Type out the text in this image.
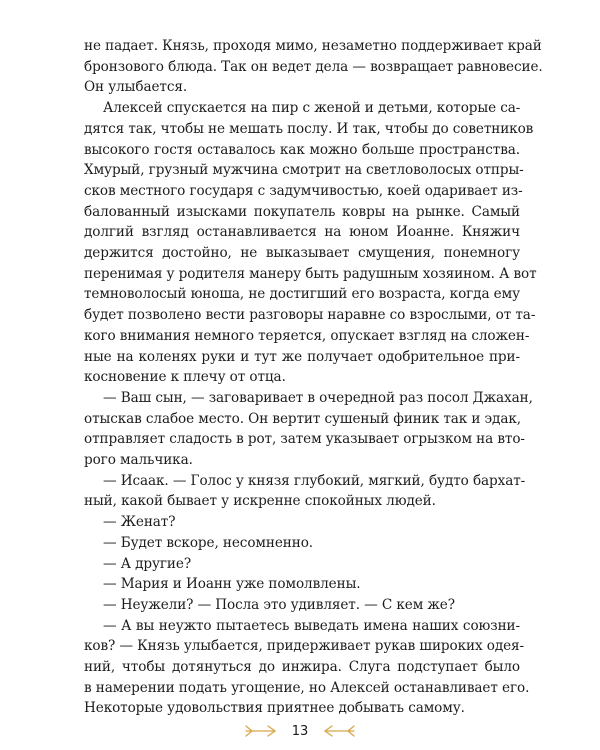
не падает. Князь, проходя мимо, незаметно поддерживает край
бронзового блюда. Так он ведет дела — возвращает равновесие.
Он улыбается.
Алексей спускается на пир с женой и детьми, которые са-
дятся так, чтобы не мешать послу. И так, чтобы до советников
высокого гостя оставалось как можно больше пространства.
Хмурый, грузный мужчина смотрит на светловолосых отпры-
сков местного государя с задумчивостью, коей одаривает из-
балованный изысками покупатель ковры на рынке. Самый
долгий взгляд останавливается на юном Иоанне. Княжич
держится достойно, не выказывает смущения, понемногу
перенимая у родителя манеру быть радушным хозяином. А вот
темноволосый юноша, не достигший его возраста, когда ему
будет позволено вести разговоры наравне со взрослыми, от та-
кого внимания немного теряется, опускает взгляд на сложен-
ные на коленях руки и тут же получает одобрительное при-
косновение к плечу от отца.
— Ваш сын, — заговаривает в очередной раз посол Джахан,
отыскав слабое место. Он вертит сушеный финик так и эдак,
отправляет сладость в рот, затем указывает огрызком на вто-
рого мальчика.
— Исаак. — Голос у князя глубокий, мягкий, будто бархат-
ный, какой бывает у искренне спокойных людей.
— Женат?
— Будет вскоре, несомненно.
— А другие?
— Мария и Иоанн уже помолвлены.
— Неужели? — Посла это удивляет. — С кем же?
— А вы неужто пытаетесь выведать имена наших союзни-
ков? — Князь улыбается, придерживает рукав широких одея-
ний, чтобы дотянуться до инжира. Слуга подступает было
в намерении подать угощение, но Алексей останавливает его.
Некоторые удовольствия приятнее добывать самому.
13
